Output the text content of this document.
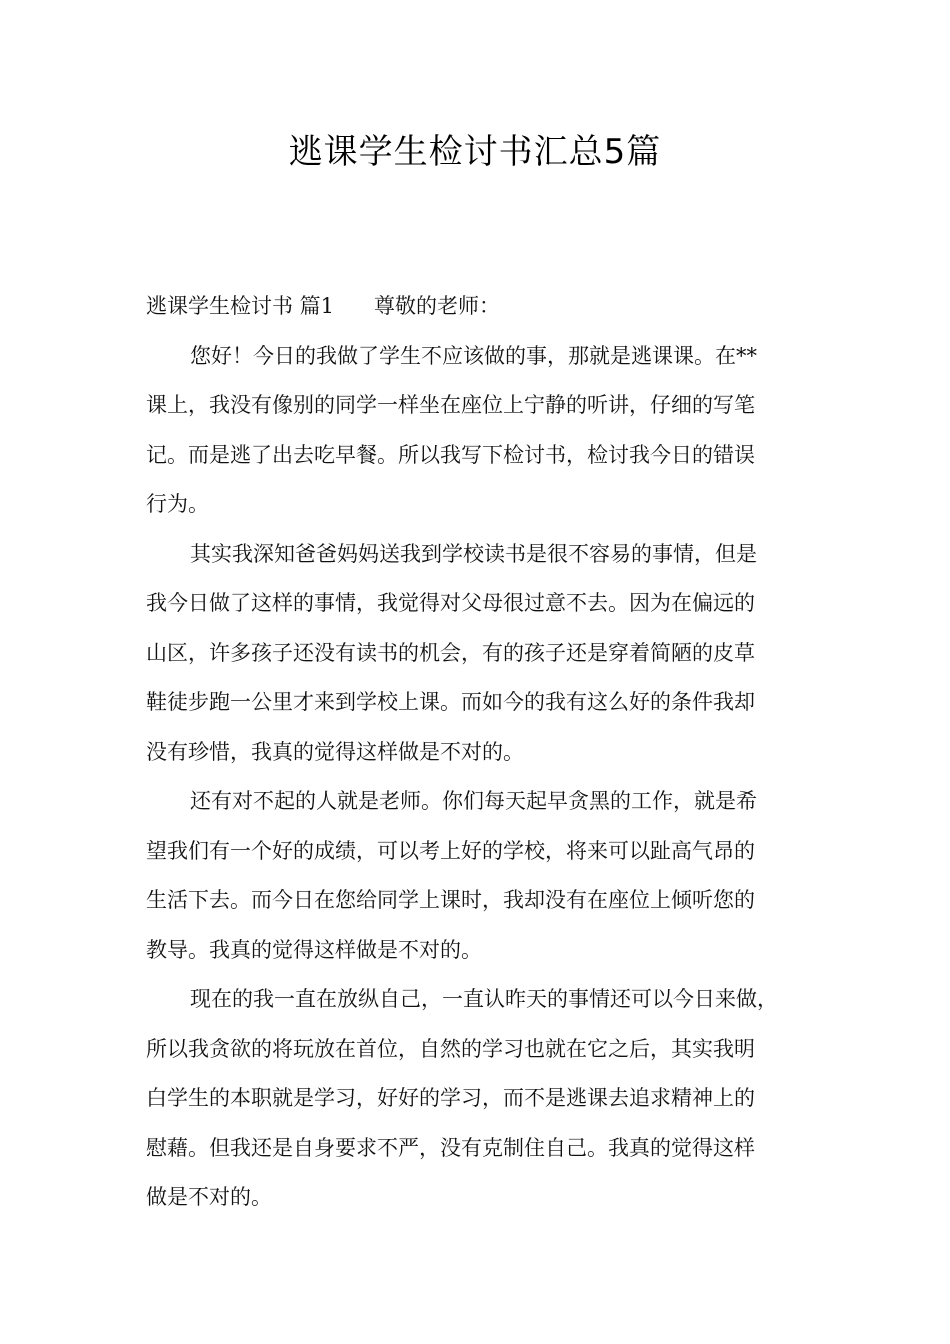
逃课学生检讨书汇总5篇
逃课学生检讨书 篇1 尊敬的老师：
您好！今日的我做了学生不应该做的事，那就是逃课课。在**
课上，我没有像别的同学一样坐在座位上宁静的听讲，仔细的写笔
记。而是逃了出去吃早餐。所以我写下检讨书，检讨我今日的错误
行为。
其实我深知爸爸妈妈送我到学校读书是很不容易的事情，但是
我今日做了这样的事情，我觉得对父母很过意不去。因为在偏远的
山区，许多孩子还没有读书的机会，有的孩子还是穿着简陋的皮草
鞋徒步跑一公里才来到学校上课。而如今的我有这么好的条件我却
没有珍惜，我真的觉得这样做是不对的。
还有对不起的人就是老师。你们每天起早贪黑的工作，就是希
望我们有一个好的成绩，可以考上好的学校，将来可以趾高气昂的
生活下去。而今日在您给同学上课时，我却没有在座位上倾听您的
教导。我真的觉得这样做是不对的。
现在的我一直在放纵自己，一直认昨天的事情还可以今日来做，
所以我贪欲的将玩放在首位，自然的学习也就在它之后，其实我明
白学生的本职就是学习，好好的学习，而不是逃课去追求精神上的
慰藉。但我还是自身要求不严，没有克制住自己。我真的觉得这样
做是不对的。
